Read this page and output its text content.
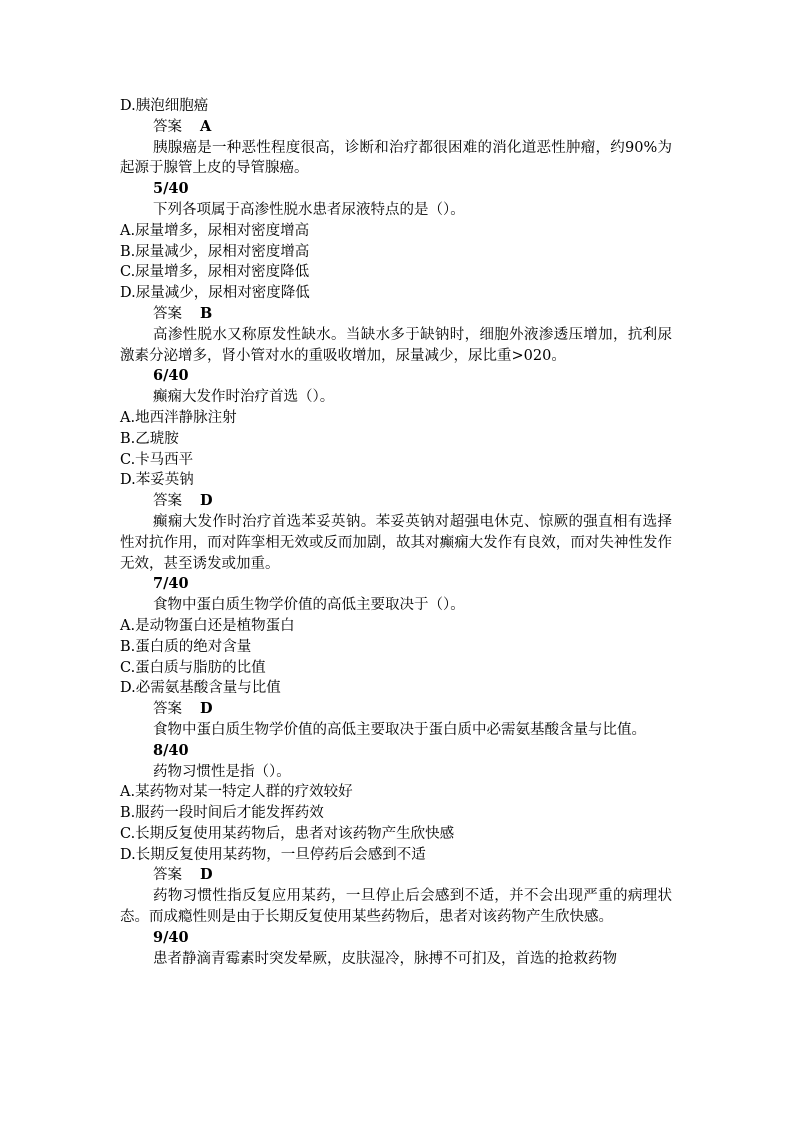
D.胰泡细胞癌
答案 A
胰腺癌是一种恶性程度很高，诊断和治疗都很困难的消化道恶性肿瘤，约90%为起源于腺管上皮的导管腺癌。
5/40
下列各项属于高渗性脱水患者尿液特点的是（）。
A.尿量增多，尿相对密度增高
B.尿量减少，尿相对密度增高
C.尿量增多，尿相对密度降低
D.尿量减少，尿相对密度降低
答案 B
高渗性脱水又称原发性缺水。当缺水多于缺钠时，细胞外液渗透压增加，抗利尿激素分泌增多，肾小管对水的重吸收增加，尿量减少，尿比重>020。
6/40
癫痫大发作时治疗首选（）。
A.地西泮静脉注射
B.乙琥胺
C.卡马西平
D.苯妥英钠
答案 D
癫痫大发作时治疗首选苯妥英钠。苯妥英钠对超强电休克、惊厥的强直相有选择性对抗作用，而对阵挛相无效或反而加剧，故其对癫痫大发作有良效，而对失神性发作无效，甚至诱发或加重。
7/40
食物中蛋白质生物学价值的高低主要取决于（）。
A.是动物蛋白还是植物蛋白
B.蛋白质的绝对含量
C.蛋白质与脂肪的比值
D.必需氨基酸含量与比值
答案 D
食物中蛋白质生物学价值的高低主要取决于蛋白质中必需氨基酸含量与比值。
8/40
药物习惯性是指（）。
A.某药物对某一特定人群的疗效较好
B.服药一段时间后才能发挥药效
C.长期反复使用某药物后，患者对该药物产生欣快感
D.长期反复使用某药物，一旦停药后会感到不适
答案 D
药物习惯性指反复应用某药，一旦停止后会感到不适，并不会出现严重的病理状态。而成瘾性则是由于长期反复使用某些药物后，患者对该药物产生欣快感。
9/40
患者静滴青霉素时突发晕厥，皮肤湿冷，脉搏不可扪及，首选的抢救药物
